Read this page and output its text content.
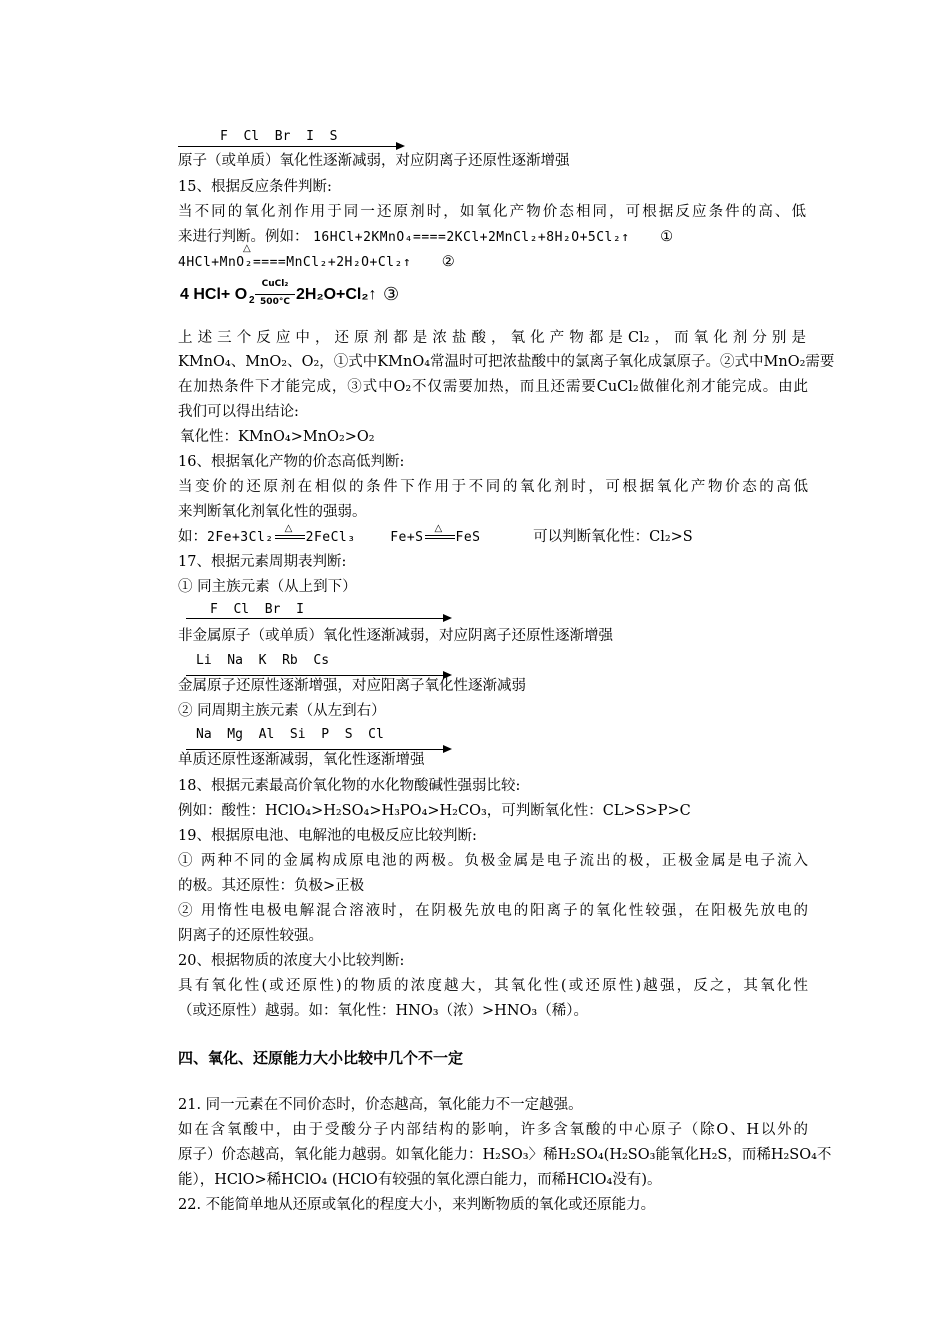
F  Cl  Br  I  S
原子（或单质）氧化性逐渐减弱，对应阴离子还原性逐渐增强
15、根据反应条件判断:
当不同的氧化剂作用于同一还原剂时，如氧化产物价态相同，可根据反应条件的高、低
来进行判断。例如： 16HCl+2KMnO₄====2KCl+2MnCl₂+8H₂O+5Cl₂↑ ①
△
4HCl+MnO₂====MnCl₂+2H₂O+Cl₂↑ ②
4 HCl+ O 2
CuCl₂
500°C 2H₂O+Cl₂↑ ③
上述三个反应中，还原剂都是浓盐酸，氧化产物都是Cl₂，而氧化剂分别是
KMnO₄、MnO₂、O₂，①式中KMnO₄常温时可把浓盐酸中的氯离子氧化成氯原子。②式中MnO₂需要
在加热条件下才能完成，③式中O₂不仅需要加热，而且还需要CuCl₂做催化剂才能完成。由此
我们可以得出结论:
氧化性：KMnO₄>MnO₂>O₂
16、根据氧化产物的价态高低判断:
当变价的还原剂在相似的条件下作用于不同的氧化剂时，可根据氧化产物价态的高低
来判断氧化剂氧化性的强弱。
如：2Fe+3Cl₂
△
2FeCl₃	Fe+S
△
FeS	可以判断氧化性：Cl₂>S
17、根据元素周期表判断:
① 同主族元素（从上到下）
F  Cl  Br  I
非金属原子（或单质）氧化性逐渐减弱，对应阴离子还原性逐渐增强
Li  Na  K  Rb  Cs
金属原子还原性逐渐增强，对应阳离子氧化性逐渐减弱
② 同周期主族元素（从左到右）
Na  Mg  Al  Si  P  S  Cl
单质还原性逐渐减弱，氧化性逐渐增强
18、根据元素最高价氧化物的水化物酸碱性强弱比较:
例如：酸性：HClO₄>H₂SO₄>H₃PO₄>H₂CO₃，可判断氧化性：CL>S>P>C
19、根据原电池、电解池的电极反应比较判断:
① 两种不同的金属构成原电池的两极。负极金属是电子流出的极，正极金属是电子流入
的极。其还原性：负极>正极
② 用惰性电极电解混合溶液时，在阴极先放电的阳离子的氧化性较强，在阳极先放电的
阴离子的还原性较强。
20、根据物质的浓度大小比较判断:
具有氧化性(或还原性)的物质的浓度越大，其氧化性(或还原性)越强，反之，其氧化性
（或还原性）越弱。如：氧化性：HNO₃（浓）>HNO₃（稀）。
四、氧化、还原能力大小比较中几个不一定
21. 同一元素在不同价态时，价态越高，氧化能力不一定越强。
如在含氧酸中，由于受酸分子内部结构的影响，许多含氧酸的中心原子（除O、H以外的
原子）价态越高，氧化能力越弱。如氧化能力：H₂SO₃〉稀H₂SO₄(H₂SO₃能氧化H₂S，而稀H₂SO₄不
能），HClO>稀HClO₄ (HClO有较强的氧化漂白能力，而稀HClO₄没有)。
22. 不能简单地从还原或氧化的程度大小，来判断物质的氧化或还原能力。
